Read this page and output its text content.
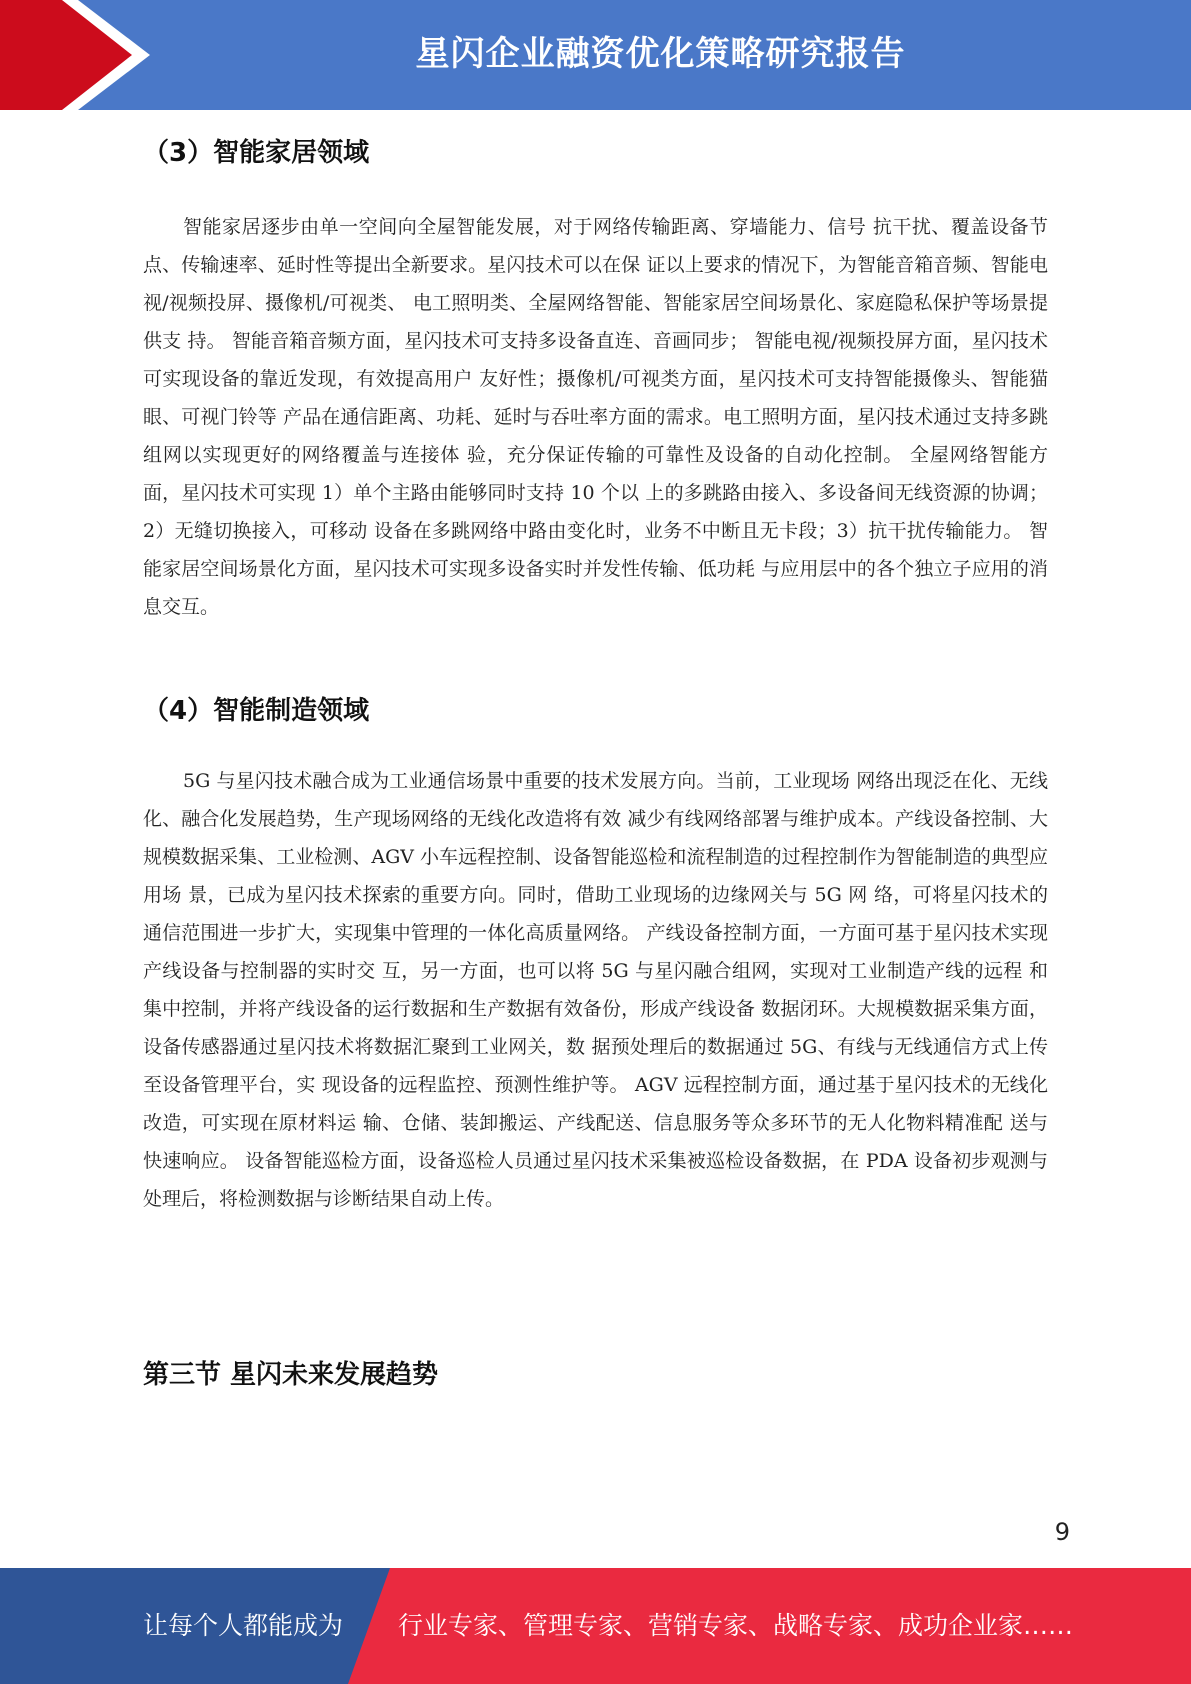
星闪企业融资优化策略研究报告
（3）智能家居领域

智能家居逐步由单一空间向全屋智能发展，对于网络传输距离、穿墙能力、信号 抗干扰、覆盖设备节点、传输速率、延时性等提出全新要求。星闪技术可以在保 证以上要求的情况下，为智能音箱音频、智能电视/视频投屏、摄像机/可视类、 电工照明类、全屋网络智能、智能家居空间场景化、家庭隐私保护等场景提供支 持。 智能音箱音频方面，星闪技术可支持多设备直连、音画同步； 智能电视/视频投屏方面，星闪技术可实现设备的靠近发现，有效提高用户 友好性；摄像机/可视类方面，星闪技术可支持智能摄像头、智能猫眼、可视门铃等 产品在通信距离、功耗、延时与吞吐率方面的需求。电工照明方面，星闪技术通过支持多跳组网以实现更好的网络覆盖与连接体 验，充分保证传输的可靠性及设备的自动化控制。 全屋网络智能方面，星闪技术可实现 1）单个主路由能够同时支持 10 个以 上的多跳路由接入、多设备间无线资源的协调；2）无缝切换接入，可移动 设备在多跳网络中路由变化时，业务不中断且无卡段；3）抗干扰传输能力。 智能家居空间场景化方面，星闪技术可实现多设备实时并发性传输、低功耗 与应用层中的各个独立子应用的消息交互。

（4）智能制造领域

5G 与星闪技术融合成为工业通信场景中重要的技术发展方向。当前，工业现场 网络出现泛在化、无线化、融合化发展趋势，生产现场网络的无线化改造将有效 减少有线网络部署与维护成本。产线设备控制、大规模数据采集、工业检测、AGV 小车远程控制、设备智能巡检和流程制造的过程控制作为智能制造的典型应用场 景，已成为星闪技术探索的重要方向。同时，借助工业现场的边缘网关与 5G 网 络，可将星闪技术的通信范围进一步扩大，实现集中管理的一体化高质量网络。 产线设备控制方面，一方面可基于星闪技术实现产线设备与控制器的实时交 互，另一方面，也可以将 5G 与星闪融合组网，实现对工业制造产线的远程 和集中控制，并将产线设备的运行数据和生产数据有效备份，形成产线设备 数据闭环。大规模数据采集方面，设备传感器通过星闪技术将数据汇聚到工业网关，数 据预处理后的数据通过 5G、有线与无线通信方式上传至设备管理平台，实 现设备的远程监控、预测性维护等。 AGV 远程控制方面，通过基于星闪技术的无线化改造，可实现在原材料运 输、仓储、装卸搬运、产线配送、信息服务等众多环节的无人化物料精准配 送与快速响应。 设备智能巡检方面，设备巡检人员通过星闪技术采集被巡检设备数据，在 PDA 设备初步观测与处理后，将检测数据与诊断结果自动上传。

第三节 星闪未来发展趋势
9
让每个人都能成为 行业专家、管理专家、营销专家、战略专家、成功企业家……
